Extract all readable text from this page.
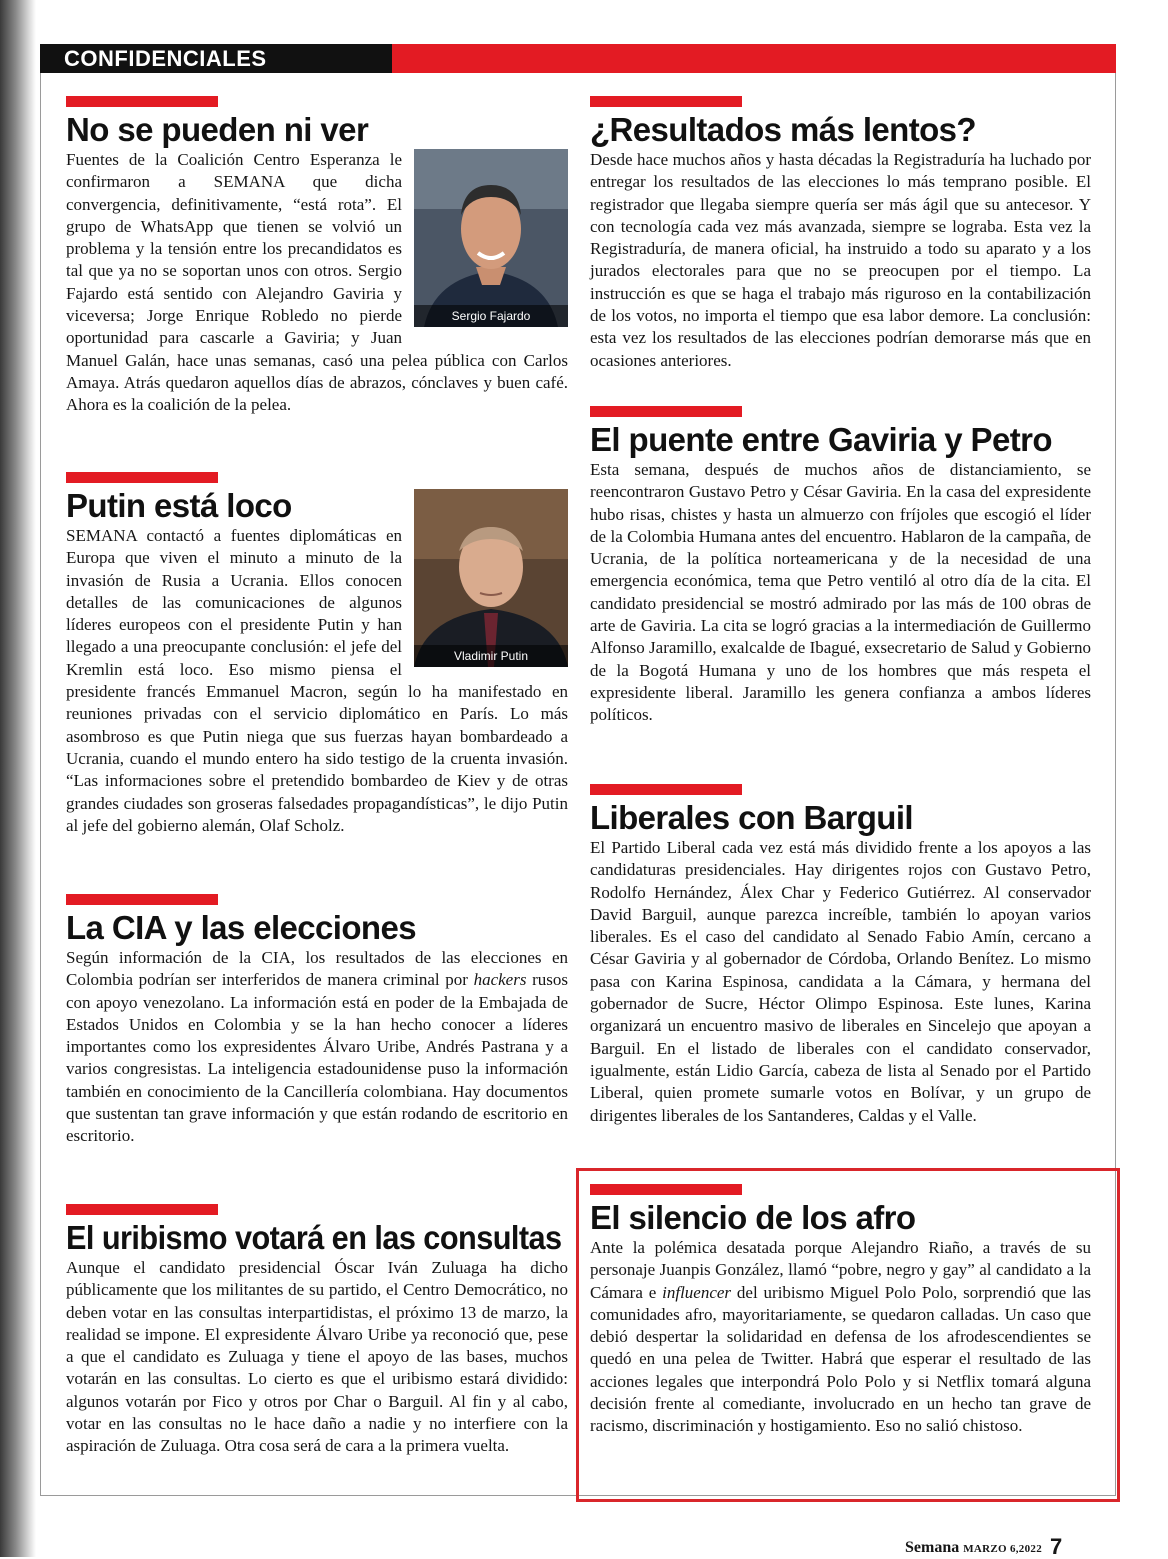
CONFIDENCIALES
No se pueden ni ver
Sergio Fajardo

Fuentes de la Coalición Centro Esperanza le confirmaron a SEMANA que dicha convergencia, definitivamente, “está rota”. El grupo de WhatsApp que tienen se volvió un problema y la tensión entre los precandidatos es tal que ya no se soportan unos con otros. Sergio Fajardo está sentido con Alejandro Gaviria y viceversa; Jorge Enrique Robledo no pierde oportunidad para cascarle a Gaviria; y Juan Manuel Galán, hace unas semanas, casó una pelea pública con Carlos Amaya. Atrás quedaron aquellos días de abrazos, cónclaves y buen café. Ahora es la coalición de la pelea.

Putin está loco
Vladimir Putin

SEMANA contactó a fuentes diplomáticas en Europa que viven el minuto a minuto de la invasión de Rusia a Ucrania. Ellos conocen detalles de las comunicaciones de algunos líderes europeos con el presidente Putin y han llegado a una preocupante conclusión: el jefe del Kremlin está loco. Eso mismo piensa el presidente francés Emmanuel Macron, según lo ha manifestado en reuniones privadas con el servicio diplomático en París. Lo más asombroso es que Putin niega que sus fuerzas hayan bombardeado a Ucrania, cuando el mundo entero ha sido testigo de la cruenta invasión. “Las informaciones sobre el pretendido bombardeo de Kiev y de otras grandes ciudades son groseras falsedades propagandísticas”, le dijo Putin al jefe del gobierno alemán, Olaf Scholz.

La CIA y las elecciones

Según información de la CIA, los resultados de las elecciones en Colombia podrían ser interferidos de manera criminal por hackers rusos con apoyo venezolano. La información está en poder de la Embajada de Estados Unidos en Colombia y se la han hecho conocer a líderes importantes como los expresidentes Álvaro Uribe, Andrés Pastrana y a varios congresistas. La inteligencia estadounidense puso la información también en conocimiento de la Cancillería colombiana. Hay documentos que sustentan tan grave información y que están rodando de escritorio en escritorio.

El uribismo votará en las consultas

Aunque el candidato presidencial Óscar Iván Zuluaga ha dicho públicamente que los militantes de su partido, el Centro Democrático, no deben votar en las consultas interpartidistas, el próximo 13 de marzo, la realidad se impone. El expresidente Álvaro Uribe ya reconoció que, pese a que el candidato es Zuluaga y tiene el apoyo de las bases, muchos votarán en las consultas. Lo cierto es que el uribismo estará dividido: algunos votarán por Fico y otros por Char o Barguil. Al fin y al cabo, votar en las consultas no le hace daño a nadie y no interfiere con la aspiración de Zuluaga. Otra cosa será de cara a la primera vuelta.

¿Resultados más lentos?

Desde hace muchos años y hasta décadas la Registraduría ha luchado por entregar los resultados de las elecciones lo más temprano posible. El registrador que llegaba siempre quería ser más ágil que su antecesor. Y con tecnología cada vez más avanzada, siempre se lograba. Esta vez la Registraduría, de manera oficial, ha instruido a todo su aparato y a los jurados electorales para que no se preocupen por el tiempo. La instrucción es que se haga el trabajo más riguroso en la contabilización de los votos, no importa el tiempo que esa labor demore. La conclusión: esta vez los resultados de las elecciones podrían demorarse más que en ocasiones anteriores.

El puente entre Gaviria y Petro

Esta semana, después de muchos años de distanciamiento, se reencontraron Gustavo Petro y César Gaviria. En la casa del expresidente hubo risas, chistes y hasta un almuerzo con fríjoles que escogió el líder de la Colombia Humana antes del encuentro. Hablaron de la campaña, de Ucrania, de la política norteamericana y de la necesidad de una emergencia económica, tema que Petro ventiló al otro día de la cita. El candidato presidencial se mostró admirado por las más de 100 obras de arte de Gaviria. La cita se logró gracias a la intermediación de Guillermo Alfonso Jaramillo, exalcalde de Ibagué, exsecretario de Salud y Gobierno de la Bogotá Humana y uno de los hombres que más respeta el expresidente liberal. Jaramillo les genera confianza a ambos líderes políticos.

Liberales con Barguil

El Partido Liberal cada vez está más dividido frente a los apoyos a las candidaturas presidenciales. Hay dirigentes rojos con Gustavo Petro, Rodolfo Hernández, Álex Char y Federico Gutiérrez. Al conservador David Barguil, aunque parezca increíble, también lo apoyan varios liberales. Es el caso del candidato al Senado Fabio Amín, cercano a César Gaviria y al gobernador de Córdoba, Orlando Benítez. Lo mismo pasa con Karina Espinosa, candidata a la Cámara, y hermana del gobernador de Sucre, Héctor Olimpo Espinosa. Este lunes, Karina organizará un encuentro masivo de liberales en Sincelejo que apoyan a Barguil. En el listado de liberales con el candidato conservador, igualmente, están Lidio García, cabeza de lista al Senado por el Partido Liberal, quien promete sumarle votos en Bolívar, y un grupo de dirigentes liberales de los Santanderes, Caldas y el Valle.

El silencio de los afro

Ante la polémica desatada porque Alejandro Riaño, a través de su personaje Juanpis González, llamó “pobre, negro y gay” al candidato a la Cámara e influencer del uribismo Miguel Polo Polo, sorprendió que las comunidades afro, mayoritariamente, se quedaron calladas. Un caso que debió despertar la solidaridad en defensa de los afrodescendientes se quedó en una pelea de Twitter. Habrá que esperar el resultado de las acciones legales que interpondrá Polo Polo y si Netflix tomará alguna decisión frente al comediante, involucrado en un hecho tan grave de racismo, discriminación y hostigamiento. Eso no salió chistoso.

Semana MARZO 6,2022 7
